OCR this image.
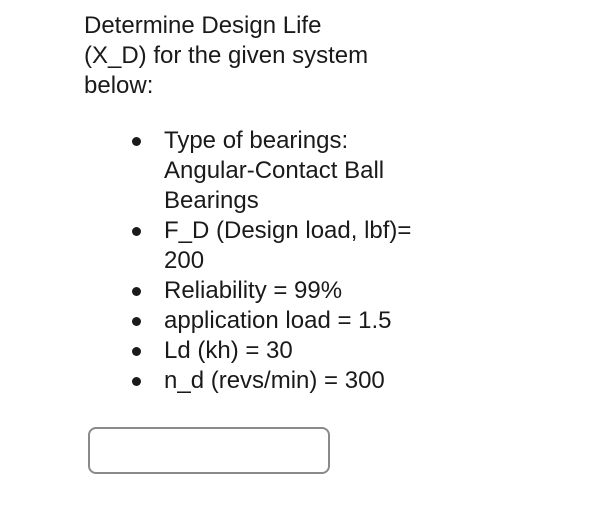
Determine Design Life

(X_D) for the given system

below:

Type of bearings: Angular-Contact Ball Bearings
F_D (Design load, lbf)= 200
Reliability = 99%
application load = 1.5
Ld (kh) = 30
n_d (revs/min) = 300
